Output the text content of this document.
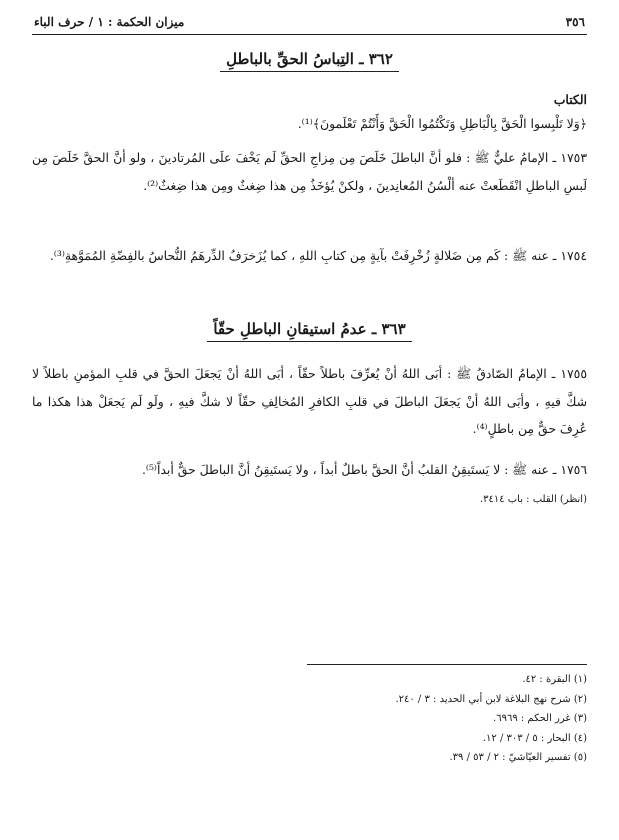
٣٥٦
ميزان الحكمة : ١ / حرف الباء
٣٦٢ ـ التِباسُ الحقِّ بالباطلِ
الكتاب

﴿وَلا تَلْبِسوا الْحَقَّ بِالْبَاطِلِ وَتَكْتُمُوا الْحَقَّ وَأَنْتُمْ تَعْلَمونَ﴾⁽¹⁾.

١٧٥٣ ـ الإمامُ عليٌّ ﷺ : فلو أنَّ الباطلَ خَلَصَ مِن مِزاجِ الحقِّ لَم يَخْفَ علَى المُرتادينَ ، ولو أنَّ الحقَّ خَلَصَ مِن لَبسِ الباطلِ انْقَطَعتْ عنه ألْسُنُ المُعانِدينَ ، ولكنْ يُؤخَذُ مِن هذا ضِغثٌ ومِن هذا ضِغثٌ⁽²⁾.

١٧٥٤ ـ عنه ﷺ : كَم مِن ضَلالةٍ زُخْرِفَتْ بآيةٍ مِن كتابِ اللهِ ، كما يُزَخرَفُ الدِّرهَمُ النُّحاسُ بالفِضّةِ المُمَوَّهةِ⁽³⁾.

٣٦٣ ـ عدمُ استيقانِ الباطلِ حقّاً

١٧٥٥ ـ الإمامُ الصّادقُ ﷺ : أبَى اللهُ أنْ يُعرِّفَ باطلاً حقّاً ، أبَى اللهُ أنْ يَجعَلَ الحقَّ في قلبِ المؤمنِ باطلاً لا شكَّ فيهِ ، وأبَى اللهُ أنْ يَجعَلَ الباطلَ في قلبِ الكافرِ المُخالِفِ حقّاً لا شكَّ فيهِ ، ولَو لَم يَجعَلْ هذا هكذا ما عُرِفَ حقٌّ مِن باطلٍ⁽⁴⁾.

١٧٥٦ ـ عنه ﷺ : لا يَستَيقِنُ القلبُ أنَّ الحقَّ باطلٌ أبداً ، ولا يَستَيقِنُ أنَّ الباطلَ حقٌّ أبداً⁽⁵⁾.

(انظر) القلب : باب ٣٤١٤.
(١) البقرة : ٤٢.
(٢) شرح نهج البلاغة لابن أبي الحديد : ٣ / ٢٤٠.
(٣) غرر الحكم : ٦٩٦٩.
(٤) البحار : ٥ / ٣٠٣ / ١٢.
(٥) تفسير العيّاشيّ : ٢ / ٥٣ / ٣٩.
